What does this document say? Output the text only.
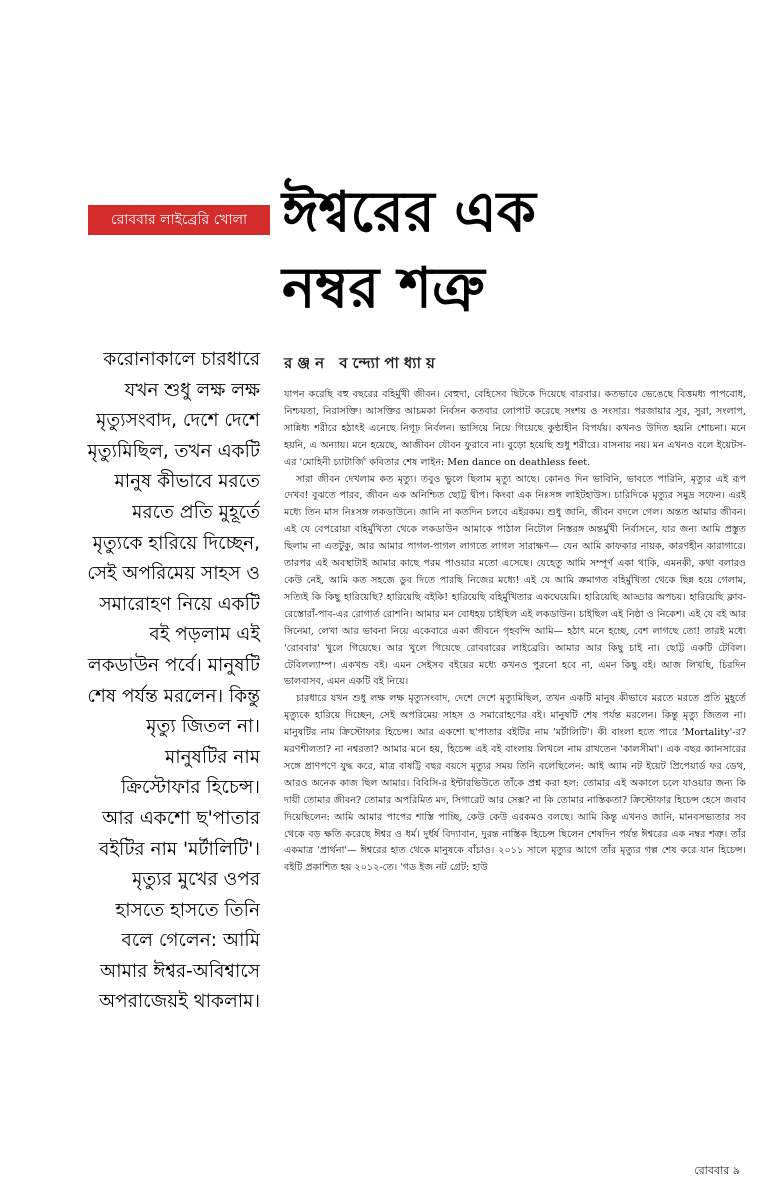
রোববার লাইব্রেরি খোলা ঈশ্বরের এক
নম্বর শত্রু
রঞ্জন বন্দ্যোপাধ্যায়
করোনাকালে চারধারে
যখন শুধু লক্ষ লক্ষ
মৃত্যুসংবাদ, দেশে দেশে
মৃত্যুমিছিল, তখন একটি
মানুষ কীভাবে মরতে
মরতে প্রতি মুহূর্তে
মৃত্যুকে হারিয়ে দিচ্ছেন,
সেই অপরিমেয় সাহস ও
সমারোহণ নিয়ে একটি
বই পড়লাম এই
লকডাউন পর্বে। মানুষটি
শেষ পর্যন্ত মরলেন। কিন্তু
মৃত্যু জিতল না।
মানুষটির নাম
ক্রিস্টোফার হিচেন্স।
আর একশো ছ'পাতার
বইটির নাম 'মর্টালিটি'।
মৃত্যুর মুখের ওপর
হাসতে হাসতে তিনি
বলে গেলেন: আমি
আমার ঈশ্বর-অবিশ্বাসে
অপরাজেয়ই থাকলাম।

যাপন করেছি বহু বছরের বহির্মুখী জীবন। বেহুদা, বেহিসেব ছিটকে দিয়েছে বারবার। কতভাবে ভেঙেছে বিত্তমধ্য পাপবোধ, নিশ্চয়তা, নিরাসক্তি। আসক্তির আচমকা নির্বসন কতবার লোপাট করেছে সংশয় ও সংসার। পরজায়ার সুর, সুরা, সংলাপ, সান্নিধ্য শরীরে হঠাৎই এনেছে নিগূঢ় নির্বলন। ভাসিয়ে নিয়ে গিয়েছে কুণ্ঠাহীন বিপর্যয়। কখনও উদিত হয়নি শোচনা। মনে হয়নি, এ অন্যায়। মনে হয়েছে, আজীবন যৌবন ফুরাবে না। বুড়ো হয়েছি শুধু শরীরে। বাসনায় নয়। মন এখনও বলে ইয়েটস-এর 'মোহিনী চ্যাটার্জি' কবিতার শেষ লাইন: Men dance on deathless feet.

সারা জীবন দেখলাম কত মৃত্যু। তবুও ভুলে ছিলাম মৃত্যু আছে। কোনও দিন ভাবিনি, ভাবতে পারিনি, মৃত্যুর এই রূপ দেখব! বুঝতে পারব, জীবন এক অনিশ্চিত ছোট্ট দ্বীপ। কিংবা এক নিঃসঙ্গ লাইটহাউস। চারিদিকে মৃত্যুর সমুদ্র সফেন। এরই মধ্যে তিন মাস নিঃসঙ্গ লকডাউনে। জানি না কতদিন চলবে এইরকম। শুধু জানি, জীবন বদলে গেল। অন্তত আমার জীবন। এই যে বেপরোয়া বহির্মুখিতা থেকে লকডাউন আমাকে পাঠাল নিটোল নিস্তরঙ্গ অন্তর্মুখী নির্বাসনে, যার জন্য আমি প্রস্তুত ছিলাম না এতটুকু, আর আমার পাগল-পাগল লাগতে লাগল সারাক্ষণ— যেন আমি কাফকার নায়ক, কারণহীন কারাগারে। তারপর এই অবস্থাটাই আমার কাছে পরম পাওয়ার মতো এসেছে। যেহেতু আমি সম্পূর্ণ একা থাকি, এমনকী, কথা বলারও কেউ নেই, আমি কত সহজে ডুব দিতে পারছি নিজের মধ্যে! এই যে আমি ক্রমাগত বহির্মুখিতা থেকে ছিন্ন হয়ে গেলাম, সত্যিই কি কিছু হারিয়েছি? হারিয়েছি বইকি! হারিয়েছি বহির্মুখিতার একঘেয়েমি। হারিয়েছি আড্ডার অপচয়। হারিয়েছি ক্লাব-রেস্তোরাঁ-পাব-এর রোগার্ত রোশনি। আমার মন বোধহয় চাইছিল এই লকডাউন। চাইছিল এই নিষ্ঠা ও নিকেশ। এই যে বই আর সিনেমা, লেখা আর ভাবনা নিয়ে একেবারে একা জীবনে গৃহবন্দি আমি— হঠাৎ মনে হচ্ছে, বেশ লাগছে তো! তারই মধ্যে 'রোববার' খুলে গিয়েছে। আর খুলে গিয়েছে রোববারের লাইব্রেরি। আমার আর কিছু চাই না। ছোট্ট একটি টেবিল। টেবিলল্যাম্প। একখন্ড বই। এমন সেইসব বইয়ের মধ্যে কখনও পুরনো হবে না, এমন কিছু বই। আজ লিখছি, চিরদিন ভালবাসব, এমন একটি বই নিয়ে।

চারধারে যখন শুধু লক্ষ লক্ষ মৃত্যুসংবাদ, দেশে দেশে মৃত্যুমিছিল, তখন একটি মানুষ কীভাবে মরতে মরতে প্রতি মুহূর্তে মৃত্যুকে হারিয়ে দিচ্ছেন, সেই অপরিমেয় সাহস ও সমারোহণের বই। মানুষটি শেষ পর্যন্ত মরলেন। কিন্তু মৃত্যু জিতল না। মানুষটির নাম ক্রিস্টোফার হিচেন্স। আর একশো ছ'পাতার বইটির নাম 'মর্টালিটি'। কী বাংলা হতে পারে 'Mortality'-র? মরণশীলতা? না নশ্বরতা? আমার মনে হয়, হিচেন্স এই বই বাংলায় লিখলে নাম রাখতেন 'কালসীমা'। এক বছর ক্যানসারের সঙ্গে প্রাণপণে যুদ্ধ করে, মাত্র বাষট্টি বছর বয়সে মৃত্যুর সময় তিনি বলেছিলেন: আই অ্যাম নট ইয়েট প্রিপেয়ার্ড ফর ডেথ, আরও অনেক কাজ ছিল আমার। বিবিসি-র ইন্টারভিউতে তাঁকে প্রশ্ন করা হল: তোমার এই অকালে চলে যাওয়ার জন্য কি দায়ী তোমার জীবন? তোমার অপরিমিত মদ, সিগারেট আর সেক্স? না কি তোমার নাস্তিকতা? ক্রিস্টোফার হিচেন্স হেসে জবাব দিয়েছিলেন: আমি আমার পাপের শাস্তি পাচ্ছি, কেউ কেউ এরকমও বলছে। আমি কিন্তু এখনও জানি, মানবসভ্যতার সব থেকে বড় ক্ষতি করেছে ঈশ্বর ও ধর্ম। দুর্ধর্ষ বিদ্যাবান, দুরন্ত নাস্তিক হিচেন্স ছিলেন শেষদিন পর্যন্ত ঈশ্বরের এক নম্বর শত্রু। তাঁর একমাত্র 'প্রার্থনা'— ঈশ্বরের হাত থেকে মানুষকে বাঁচাও। ২০১১ সালে মৃত্যুর আগে তাঁর মৃত্যুর গল্প শেষ করে যান হিচেন্স। বইটি প্রকাশিত হয় ২০১২-তে। 'গড ইজ নট গ্রেট: হাউ

রোববার ৯
